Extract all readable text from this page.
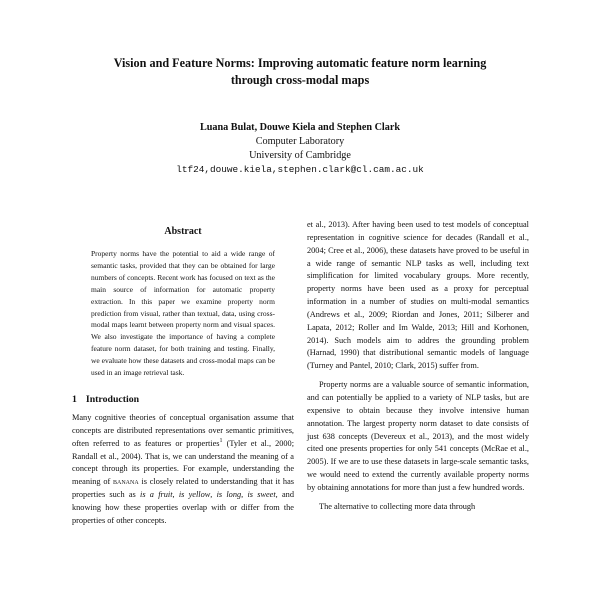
Vision and Feature Norms: Improving automatic feature norm learning
through cross-modal maps
Luana Bulat, Douwe Kiela and Stephen Clark
Computer Laboratory
University of Cambridge
ltf24,douwe.kiela,stephen.clark@cl.cam.ac.uk
Abstract

Property norms have the potential to aid a wide range of semantic tasks, provided that they can be obtained for large numbers of concepts. Recent work has focused on text as the main source of information for automatic property extraction. In this paper we examine property norm prediction from visual, rather than textual, data, using cross-modal maps learnt between property norm and visual spaces. We also investigate the importance of having a complete feature norm dataset, for both training and testing. Finally, we evaluate how these datasets and cross-modal maps can be used in an image retrieval task.

1 Introduction

Many cognitive theories of conceptual organisation assume that concepts are distributed representations over semantic primitives, often referred to as features or properties$^1$ (Tyler et al., 2000; Randall et al., 2004). That is, we can understand the meaning of a concept through its properties. For example, understanding the meaning of banana is closely related to understanding that it has properties such as is a fruit, is yellow, is long, is sweet, and knowing how these properties overlap with or differ from the properties of other concepts.

et al., 2013). After having been used to test models of conceptual representation in cognitive science for decades (Randall et al., 2004; Cree et al., 2006), these datasets have proved to be useful in a wide range of semantic NLP tasks as well, including text simplification for limited vocabulary groups. More recently, property norms have been used as a proxy for perceptual information in a number of studies on multi-modal semantics (Andrews et al., 2009; Riordan and Jones, 2011; Silberer and Lapata, 2012; Roller and Im Walde, 2013; Hill and Korhonen, 2014). Such models aim to addres the grounding problem (Harnad, 1990) that distributional semantic models of language (Turney and Pantel, 2010; Clark, 2015) suffer from.

Property norms are a valuable source of semantic information, and can potentially be applied to a variety of NLP tasks, but are expensive to obtain because they involve intensive human annotation. The largest property norm dataset to date consists of just 638 concepts (Devereux et al., 2013), and the most widely cited one presents properties for only 541 concepts (McRae et al., 2005). If we are to use these datasets in large-scale semantic tasks, we would need to extend the currently available property norms by obtaining annotations for more than just a few hundred words.

The alternative to collecting more data through
